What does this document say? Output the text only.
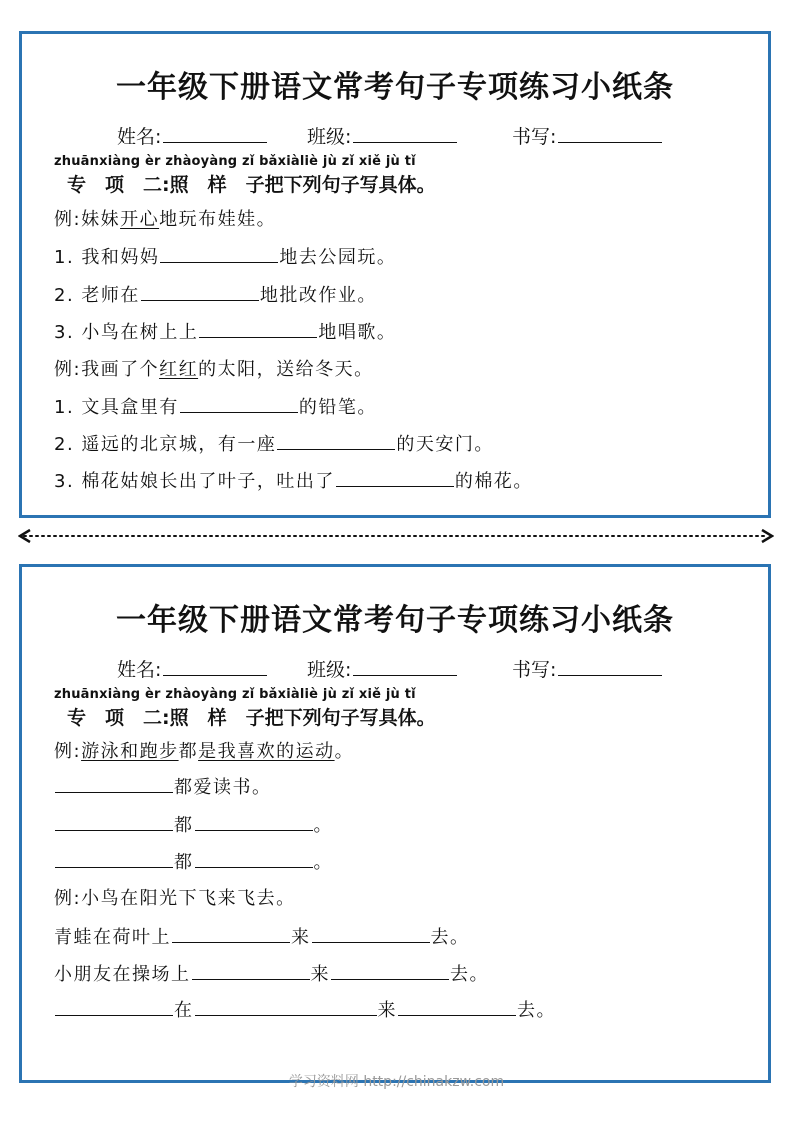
一年级下册语文常考句子专项练习小纸条
姓名:	班级:	书写:
zhuānxiàng èr zhàoyàng zǐ bǎxiàliè jù zǐ xiě jù tǐ
专　项　二:照　样　子把下列句子写具体。
例:妹妹开心地玩布娃娃。
1. 我和妈妈	地去公园玩。
2. 老师在	地批改作业。
3. 小鸟在树上上	地唱歌。
例:我画了个红红的太阳，送给冬天。
1. 文具盒里有	的铅笔。
2. 遥远的北京城，有一座	的天安门。
3. 棉花姑娘长出了叶子，吐出了	的棉花。
一年级下册语文常考句子专项练习小纸条
姓名:	班级:	书写:
zhuānxiàng èr zhàoyàng zǐ bǎxiàliè jù zǐ xiě jù tǐ
专　项　二:照　样　子把下列句子写具体。
例:游泳和跑步都是我喜欢的运动。
都爱读书。
都	。
都	。
例:小鸟在阳光下飞来飞去。
青蛙在荷叶上	来	去。
小朋友在操场上	来	去。
在	来	去。
学习资料网 http://chinakzw.com
